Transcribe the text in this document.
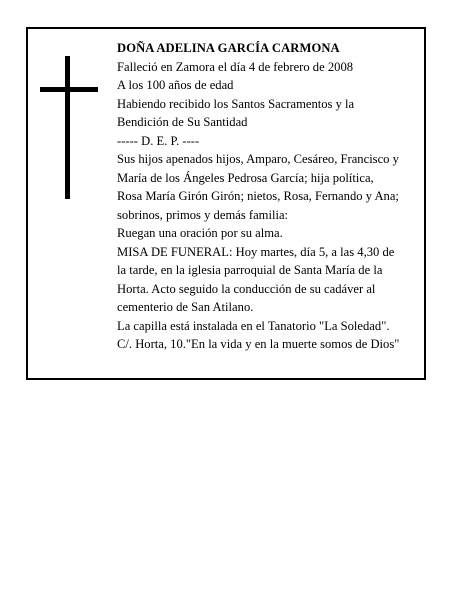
DOÑA ADELINA GARCÍA CARMONA
Falleció en Zamora el día 4 de febrero de 2008
A los 100 años de edad
Habiendo recibido los Santos Sacramentos y la
Bendición de Su Santidad
----- D. E. P. ----
Sus hijos apenados hijos, Amparo, Cesáreo, Francisco y
María de los Ángeles Pedrosa García; hija política,
Rosa María Girón Girón; nietos, Rosa, Fernando y Ana;
sobrinos, primos y demás familia:
Ruegan una oración por su alma.
MISA DE FUNERAL: Hoy martes, día 5, a las 4,30 de
la tarde, en la iglesia parroquial de Santa María de la
Horta. Acto seguido la conducción de su cadáver al
cementerio de San Atilano.
La capilla está instalada en el Tanatorio "La Soledad".
C/. Horta, 10."En la vida y en la muerte somos de Dios"
